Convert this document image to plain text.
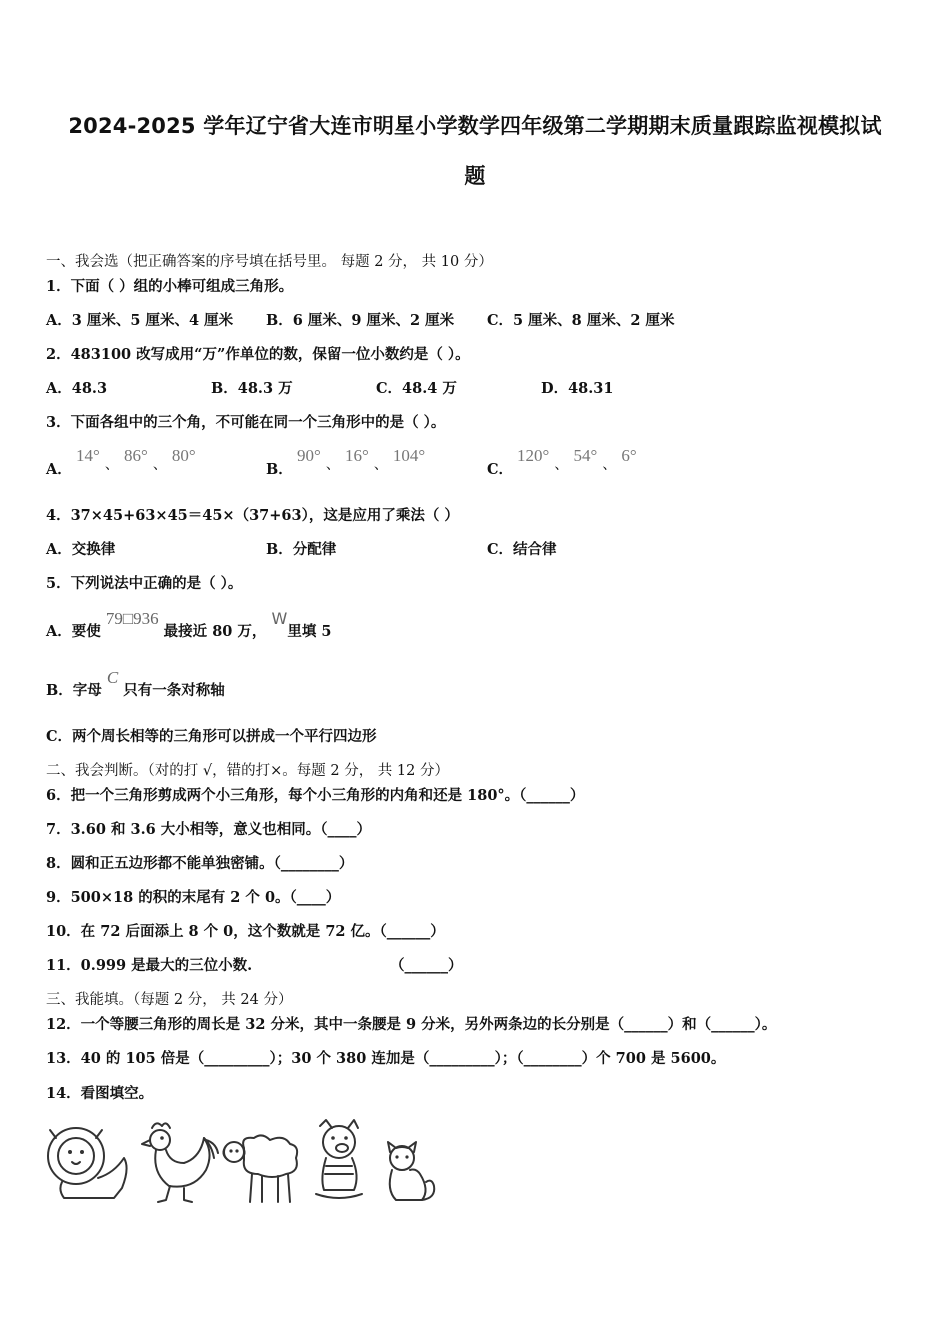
2024-2025 学年辽宁省大连市明星小学数学四年级第二学期期末质量跟踪监视模拟试
题
一、我会选（把正确答案的序号填在括号里。 每题 2 分， 共 10 分）
1．下面（ ）组的小棒可组成三角形。
A．3 厘米、5 厘米、4 厘米 B．6 厘米、9 厘米、2 厘米 C．5 厘米、8 厘米、2 厘米
2．483100 改写成用“万”作单位的数，保留一位小数约是（ ）。
A．48.3	B．48.3 万	C．48.4 万	D．48.31
3．下面各组中的三个角，不可能在同一个三角形中的是（ ）。
A．
14° 、 86° 、 80°
B．
90° 、 16° 、 104°
C．
120° 、 54° 、 6°
4．37×45+63×45＝45×（37+63），这是应用了乘法（ ）
A．交换律	B．分配律	C．结合律
5．下列说法中正确的是（ ）。
A．要使 79□936 最接近 80 万， W里填 5
B．字母 C 只有一条对称轴
C．两个周长相等的三角形可以拼成一个平行四边形
二、我会判断。（对的打 √，错的打×。每题 2 分， 共 12 分）
6．把一个三角形剪成两个小三角形，每个小三角形的内角和还是 180°。（______）
7．3.60 和 3.6 大小相等，意义也相同。（____）
8．圆和正五边形都不能单独密铺。（________）
9．500×18 的积的末尾有 2 个 0。（____）
10．在 72 后面添上 8 个 0，这个数就是 72 亿。（______）
11．0.999 是最大的三位小数.	（______）
三、我能填。（每题 2 分， 共 24 分）
12．一个等腰三角形的周长是 32 分米，其中一条腰是 9 分米，另外两条边的长分别是（______）和（______）。
13．40 的 105 倍是（_________）；30 个 380 连加是（_________）；（________）个 700 是 5600。
14．看图填空。
